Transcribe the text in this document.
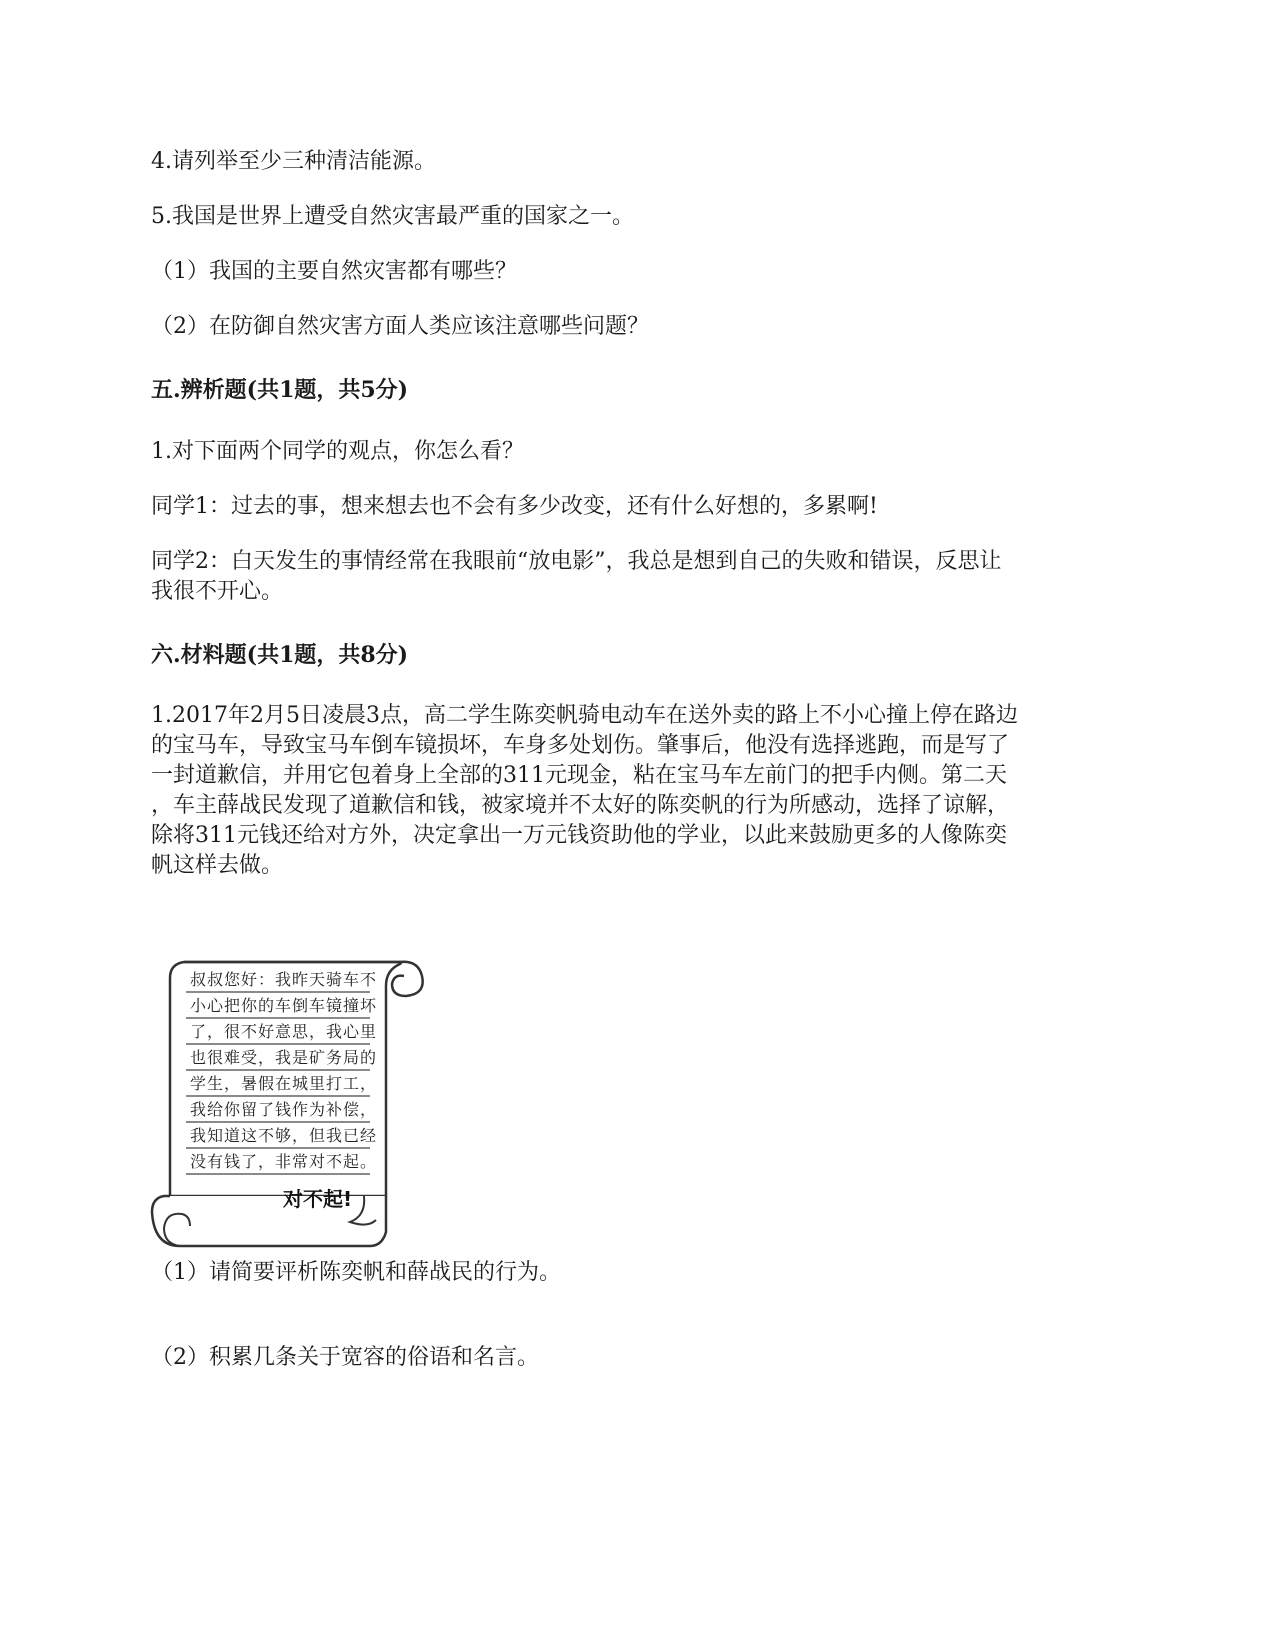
4.请列举至少三种清洁能源。
5.我国是世界上遭受自然灾害最严重的国家之一。
（1）我国的主要自然灾害都有哪些？
（2）在防御自然灾害方面人类应该注意哪些问题？
五.辨析题(共1题，共5分)
1.对下面两个同学的观点，你怎么看？
同学1：过去的事，想来想去也不会有多少改变，还有什么好想的，多累啊!
同学2：白天发生的事情经常在我眼前“放电影”，我总是想到自己的失败和错误，反思让
我很不开心。
六.材料题(共1题，共8分)
1.2017年2月5日凌晨3点，高二学生陈奕帆骑电动车在送外卖的路上不小心撞上停在路边
的宝马车，导致宝马车倒车镜损坏，车身多处划伤。肇事后，他没有选择逃跑，而是写了
一封道歉信，并用它包着身上全部的311元现金，粘在宝马车左前门的把手内侧。第二天
，车主薛战民发现了道歉信和钱，被家境并不太好的陈奕帆的行为所感动，选择了谅解，
除将311元钱还给对方外，决定拿出一万元钱资助他的学业，以此来鼓励更多的人像陈奕
帆这样去做。
叔叔您好：我昨天骑车不
小心把你的车倒车镜撞坏
了，很不好意思，我心里
也很难受，我是矿务局的
学生，暑假在城里打工，
我给你留了钱作为补偿，
我知道这不够，但我已经
没有钱了，非常对不起。
对不起!
（1）请简要评析陈奕帆和薛战民的行为。
（2）积累几条关于宽容的俗语和名言。
